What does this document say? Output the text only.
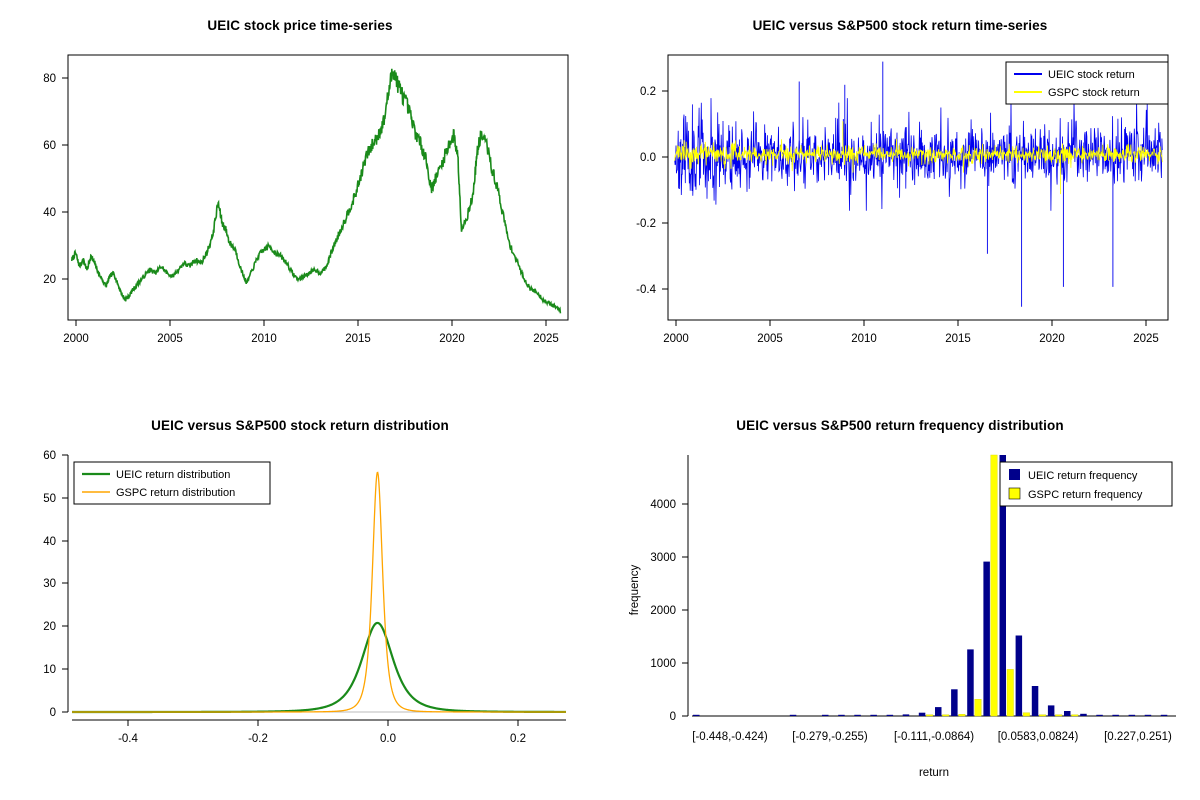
UEIC stock price time-series
20
40
60
80
2000	2005	2010	2015	2020	2025
UEIC versus S&P500 stock return time-series
-0.4
-0.2
0.0
0.2
2000	2005	2010	2015	2020	2025
UEIC stock return
GSPC stock return
UEIC versus S&P500 stock return distribution
0
10
20
30
40
50
60
-0.4	-0.2	0.0	0.2
UEIC return distribution
GSPC return distribution
UEIC versus S&P500 return frequency distribution
0
1000
2000
3000
4000
frequency
[-0.448,-0.424) [-0.279,-0.255) [-0.111,-0.0864) [0.0583,0.0824) [0.227,0.251)
return
UEIC return frequency
GSPC return frequency
